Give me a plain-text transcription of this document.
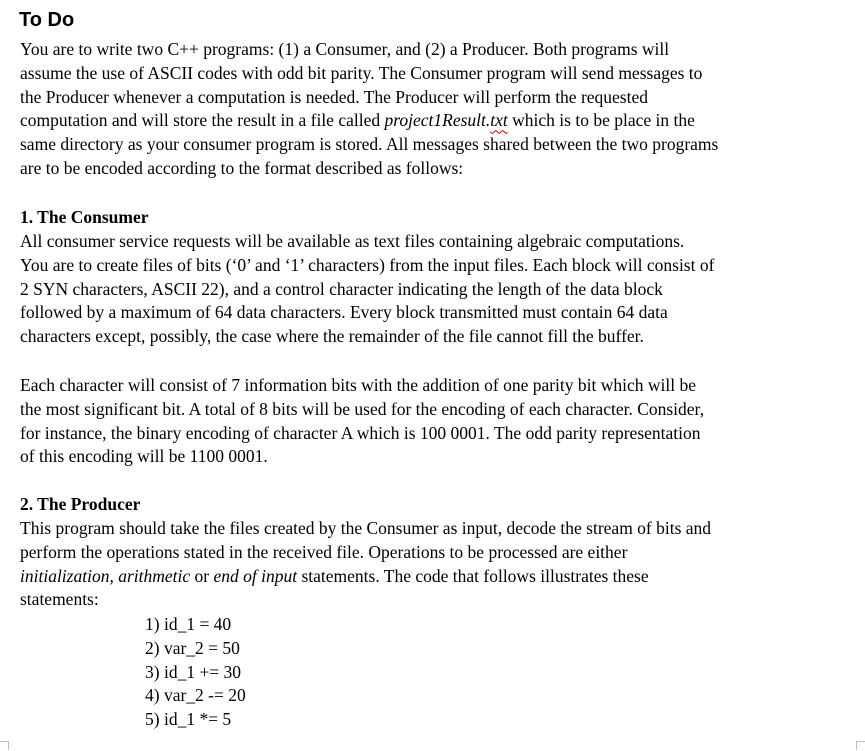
To Do
You are to write two C++ programs: (1) a Consumer, and (2) a Producer. Both programs will
assume the use of ASCII codes with odd bit parity. The Consumer program will send messages to
the Producer whenever a computation is needed. The Producer will perform the requested
computation and will store the result in a file called project1Result.txt which is to be place in the
same directory as your consumer program is stored. All messages shared between the two programs
are to be encoded according to the format described as follows:
1. The Consumer
All consumer service requests will be available as text files containing algebraic computations.
You are to create files of bits (‘0’ and ‘1’ characters) from the input files. Each block will consist of
2 SYN characters, ASCII 22), and a control character indicating the length of the data block
followed by a maximum of 64 data characters. Every block transmitted must contain 64 data
characters except, possibly, the case where the remainder of the file cannot fill the buffer.
Each character will consist of 7 information bits with the addition of one parity bit which will be
the most significant bit. A total of 8 bits will be used for the encoding of each character. Consider,
for instance, the binary encoding of character A which is 100 0001. The odd parity representation
of this encoding will be 1100 0001.
2. The Producer
This program should take the files created by the Consumer as input, decode the stream of bits and
perform the operations stated in the received file. Operations to be processed are either
initialization, arithmetic or end of input statements. The code that follows illustrates these
statements:
1) id_1 = 40
2) var_2 = 50
3) id_1 += 30
4) var_2 -= 20
5) id_1 *= 5
